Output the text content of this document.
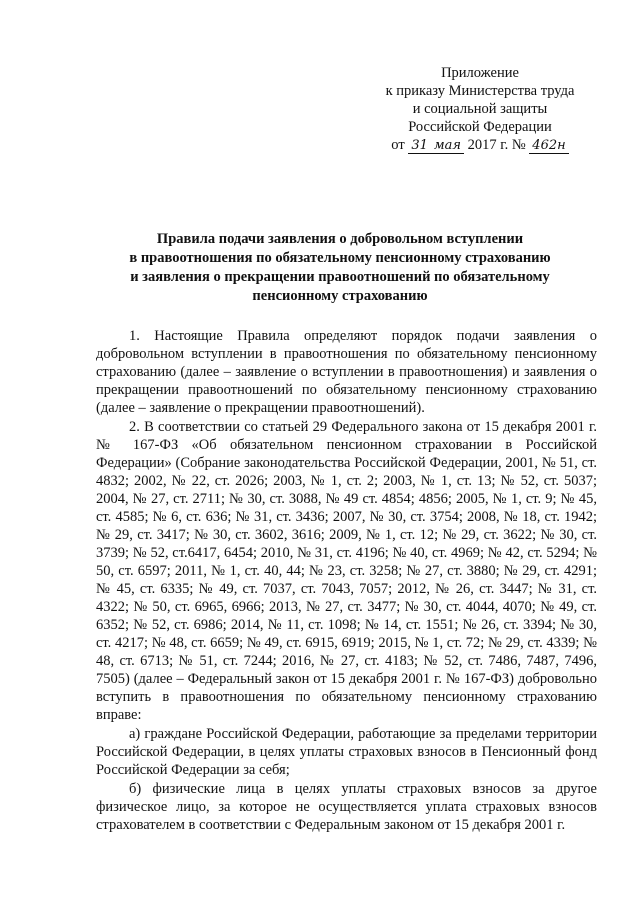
Приложение
к приказу Министерства труда
и социальной защиты
Российской Федерации
от 31 мая 2017 г. № 462н
Правила подачи заявления о добровольном вступлении
в правоотношения по обязательному пенсионному страхованию
и заявления о прекращении правоотношений по обязательному
пенсионному страхованию

1. Настоящие Правила определяют порядок подачи заявления о добровольном вступлении в правоотношения по обязательному пенсионному страхованию (далее – заявление о вступлении в правоотношения) и заявления о прекращении правоотношений по обязательному пенсионному страхованию (далее – заявление о прекращении правоотношений).

2. В соответствии со статьей 29 Федерального закона от 15 декабря 2001 г. № 167-ФЗ «Об обязательном пенсионном страховании в Российской Федерации» (Собрание законодательства Российской Федерации, 2001, № 51, ст. 4832; 2002, № 22, ст. 2026; 2003, № 1, ст. 2; 2003, № 1, ст. 13; № 52, ст. 5037; 2004, № 27, ст. 2711; № 30, ст. 3088, № 49 ст. 4854; 4856; 2005, № 1, ст. 9; № 45, ст. 4585; № 6, ст. 636; № 31, ст. 3436; 2007, № 30, ст. 3754; 2008, № 18, ст. 1942; № 29, ст. 3417; № 30, ст. 3602, 3616; 2009, № 1, ст. 12; № 29, ст. 3622; № 30, ст. 3739; № 52, ст.6417, 6454; 2010, № 31, ст. 4196; № 40, ст. 4969; № 42, ст. 5294; № 50, ст. 6597; 2011, № 1, ст. 40, 44; № 23, ст. 3258; № 27, ст. 3880; № 29, ст. 4291; № 45, ст. 6335; № 49, ст. 7037, ст. 7043, 7057; 2012, № 26, ст. 3447; № 31, ст. 4322; № 50, ст. 6965, 6966; 2013, № 27, ст. 3477; № 30, ст. 4044, 4070; № 49, ст. 6352; № 52, ст. 6986; 2014, № 11, ст. 1098; № 14, ст. 1551; № 26, ст. 3394; № 30, ст. 4217; № 48, ст. 6659; № 49, ст. 6915, 6919; 2015, № 1, ст. 72; № 29, ст. 4339; № 48, ст. 6713; № 51, ст. 7244; 2016, № 27, ст. 4183; № 52, ст. 7486, 7487, 7496, 7505) (далее – Федеральный закон от 15 декабря 2001 г. № 167-ФЗ) добровольно вступить в правоотношения по обязательному пенсионному страхованию вправе:

а) граждане Российской Федерации, работающие за пределами территории Российской Федерации, в целях уплаты страховых взносов в Пенсионный фонд Российской Федерации за себя;

б) физические лица в целях уплаты страховых взносов за другое физическое лицо, за которое не осуществляется уплата страховых взносов страхователем в соответствии с Федеральным законом от 15 декабря 2001 г.
